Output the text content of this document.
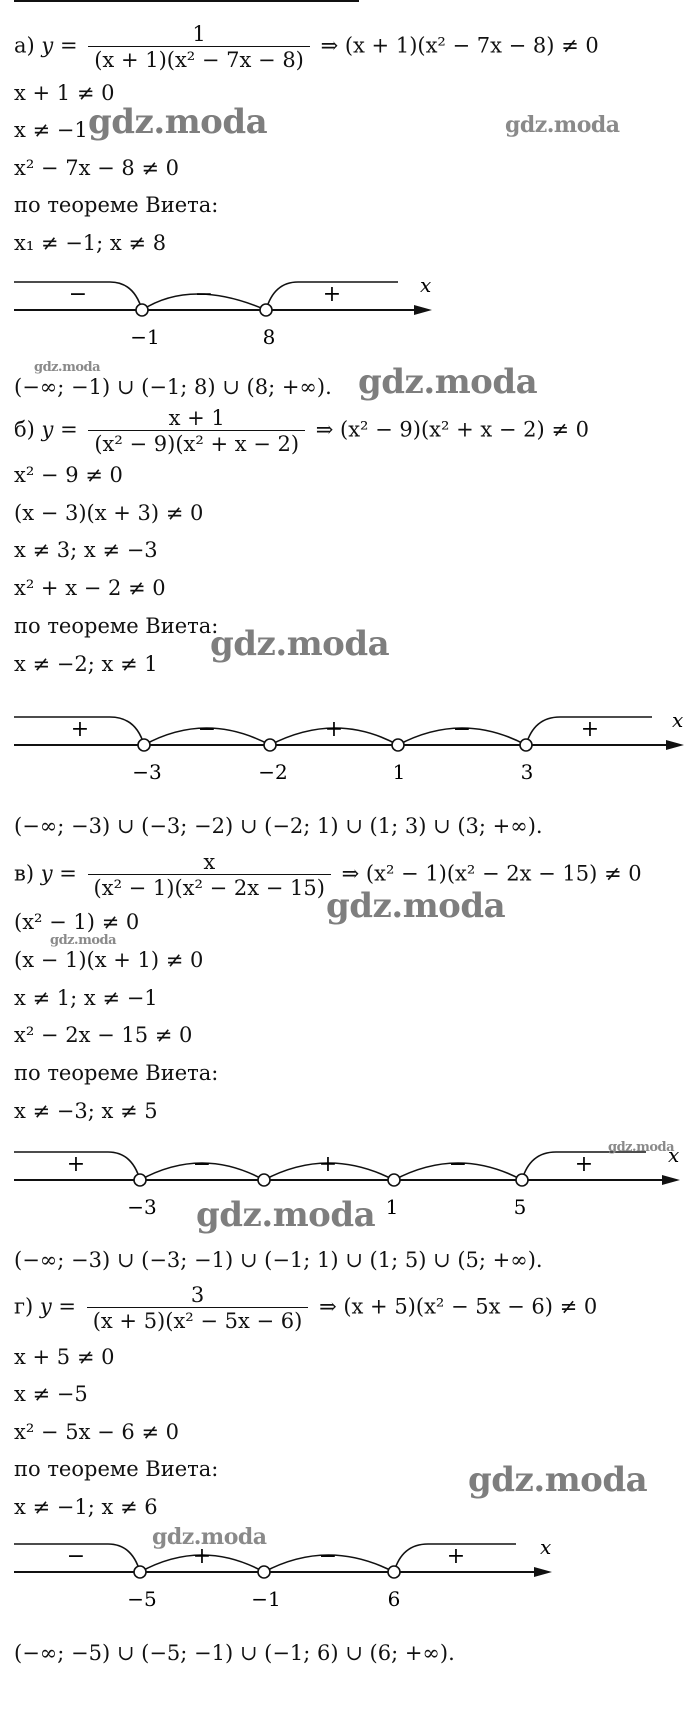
а) $y = \frac{1}{\text{(x + 1)(x² − 7x − 8)}}$ ⇒ (x + 1)(x² − 7x − 8) ≠ 0
x + 1 ≠ 0
x ≠ −1
x² − 7x − 8 ≠ 0
по теореме Виета:
x₁ ≠ −1; x ≠ 8
−	−	+	x
−1	8
(−∞; −1) ∪ (−1; 8) ∪ (8; +∞).
б) $y = \frac{x + 1}{\text{(x² − 9)(x² + x − 2)}}$ ⇒ (x² − 9)(x² + x − 2) ≠ 0
x² − 9 ≠ 0
(x − 3)(x + 3) ≠ 0
x ≠ 3; x ≠ −3
x² + x − 2 ≠ 0
по теореме Виета:
x ≠ −2; x ≠ 1
+	−	+	−	+	x
−3	−2	1	3
(−∞; −3) ∪ (−3; −2) ∪ (−2; 1) ∪ (1; 3) ∪ (3; +∞).
в) $y = \frac{x}{\text{(x² − 1)(x² − 2x − 15)}}$ ⇒ (x² − 1)(x² − 2x − 15) ≠ 0
(x² − 1) ≠ 0
(x − 1)(x + 1) ≠ 0
x ≠ 1; x ≠ −1
x² − 2x − 15 ≠ 0
по теореме Виета:
x ≠ −3; x ≠ 5
+	−	+	−	+	x
−3	1	5
(−∞; −3) ∪ (−3; −1) ∪ (−1; 1) ∪ (1; 5) ∪ (5; +∞).
г) $y = \frac{3}{\text{(x + 5)(x² − 5x − 6)}}$ ⇒ (x + 5)(x² − 5x − 6) ≠ 0
x + 5 ≠ 0
x ≠ −5
x² − 5x − 6 ≠ 0
по теореме Виета:
x ≠ −1; x ≠ 6
−	+	−	+	x
−5	−1	6
(−∞; −5) ∪ (−5; −1) ∪ (−1; 6) ∪ (6; +∞).
gdz.moda	gdz.moda
gdz.moda	gdz.moda
gdz.moda
gdz.moda
gdz.moda
gdz.moda
gdz.moda
gdz.moda
gdz.moda
